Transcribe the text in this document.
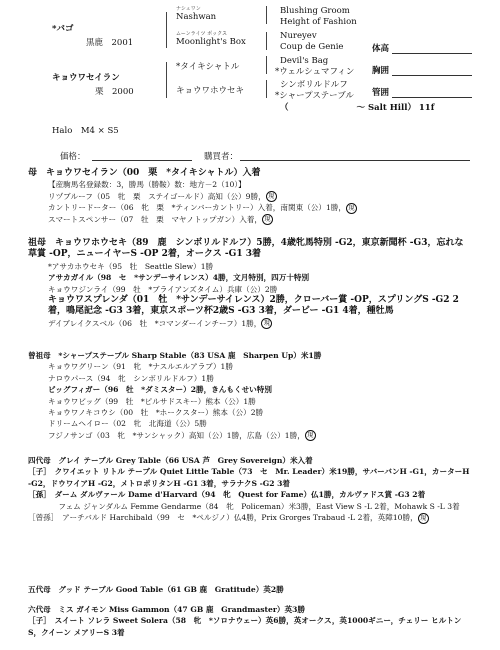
*バゴ
黒鹿　2001
キョウワセイラン
栗　2000
ナシュワン
Nashwan
ムーンライツ ボックス
Moonlight's Box
*タイキシャトル
キョウワホウセキ
Blushing Groom
Height of Fashion
Nureyev
Coup de Genie
Devil's Bag
*ウェルシュマフィン
シンボリルドルフ
*シャープステーブル
（　　　　　　　　～ Salt Hill） 11f
体高
胸囲
管囲
Halo　M4 × S5
価格：	購買者：

母　キョウワセイラン（00　栗　*タイキシャトル）入着

【産駒馬名登録数：3，勝馬（勝鞍）数：地方－2（10）】

リヅブルーフ（05　牝　栗　ステイゴールド）高知（公）9勝， 現

カントリードーター（06　牝　栗　*ティンバーカントリー）入着，南関東（公）1勝， 現

スマートスペンサー（07　牡　栗　マヤノトップガン）入着， 現

祖母　キョウワホウセキ（89　鹿　シンボリルドルフ）5勝，4歳牝馬特別 -G2，東京新聞杯 -G3，忘れな草賞 -OP，ニューイヤーS -OP 2着，オークス -G1 3着

*アサカホウセキ（95　牡　Seattle Slew）1勝

アサカガイル（98　セ　*サンデーサイレンス）4勝，文月特別，四万十特別

キョウワジンライ（99　牡　*ブライアンズタイム）兵庫（公）2勝

キョウワスプレンダ（01　牡　*サンデーサイレンス）2勝，クローバー賞 -OP，スプリングS -G2 2着，鳴尾記念 -G3 3着，東京スポーツ杯2歳S -G3 3着，ダービー -G1 4着，種牡馬

デイブレイクスベル（06　牡　*コマンダーインチーフ）1勝， 現

曾祖母　*シャープステーブル Sharp Stable（83 USA 鹿　Sharpen Up）米1勝

キョウワグリーン（91　牝　*ナスルエルアラブ）1勝

ナロウパース（94　牝　シンボリルドルフ）1勝

ビッグフィガー（96　牡　*ダミスター）2勝，きんもくせい特別

キョウワビッグ（99　牡　*ピルサドスキー）熊本（公）1勝

キョウワノキコウシ（00　牡　*ホークスター）熊本（公）2勝

ドリームヘイロー（02　牝　北海道（公）5勝

フジノサンゴ（03　牝　*サンシャック）高知（公）1勝，広島（公）1勝， 現

四代母　グレイ テーブル Grey Table（66 USA 芦　Grey Sovereign）米入着

［子］　クワイエット リトル テーブル Quiet Little Table（73　セ　Mr. Leader）米19勝，サバーバンH -G1，カーターH -G2，ドウワイアH -G2，メトロポリタンH -G1 3着，サラナクS -G2 3着

［孫］　ダーム ダルヴァール Dame d'Harvard（94　牝　Quest for Fame）仏1勝，カルヴァドス賞 -G3 2着

　　　　フェム ジャンダルム Femme Gendarme（84　牝　Policeman）米3勝，East View S -L 2着，Mohawk S -L 3着

［曾孫］　アーチバルド Harchibald（99　セ　*ペルジノ）仏4勝，Prix Grorges Trabaud -L 2着，英障10勝， 現

五代母　グッド テーブル Good Table（61 GB 鹿　Gratitude）英2勝

六代母　ミス ガイモン Miss Gammon（47 GB 鹿　Grandmaster）英3勝

［子］　スイート ソレラ Sweet Solera（58　牝　*ソロナウェー）英6勝，英オークス，英1000ギニー，チェリー ヒルトンS，クイーン メアリーS 3着
